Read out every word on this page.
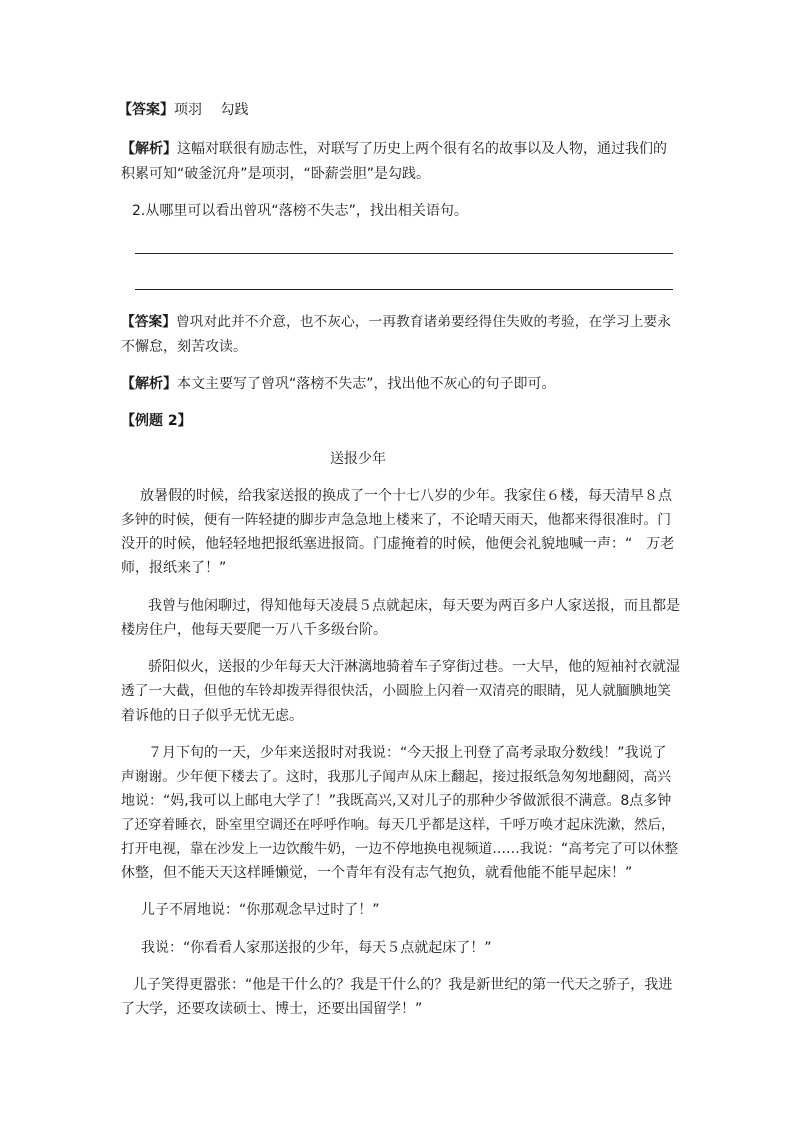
【答案】项羽　 勾践
【解析】这幅对联很有励志性，对联写了历史上两个很有名的故事以及人物，通过我们的
积累可知“破釜沉舟”是项羽，“卧薪尝胆”是勾践。
2.从哪里可以看出曾巩“落榜不失志”，找出相关语句。
【答案】曾巩对此并不介意，也不灰心，一再教育诸弟要经得住失败的考验，在学习上要永
不懈怠，刻苦攻读。
【解析】本文主要写了曾巩“落榜不失志”，找出他不灰心的句子即可。
【例题 2】
送报少年
放暑假的时候，给我家送报的换成了一个十七八岁的少年。我家住６楼，每天清早８点
多钟的时候，便有一阵轻捷的脚步声急急地上楼来了，不论晴天雨天，他都来得很准时。门
没开的时候，他轻轻地把报纸塞进报筒。门虚掩着的时候，他便会礼貌地喊一声：“　万老
师，报纸来了！”
我曾与他闲聊过，得知他每天凌晨５点就起床，每天要为两百多户人家送报，而且都是
楼房住户，他每天要爬一万八千多级台阶。
骄阳似火，送报的少年每天大汗淋漓地骑着车子穿街过巷。一大早，他的短袖衬衣就湿
透了一大截，但他的车铃却拨弄得很快活，小圆脸上闪着一双清亮的眼睛，见人就腼腆地笑
着诉他的日子似乎无忧无虑。
７月下旬的一天，少年来送报时对我说：“今天报上刊登了高考录取分数线！”我说了
声谢谢。少年便下楼去了。这时，我那儿子闻声从床上翻起，接过报纸急匆匆地翻阅，高兴
地说：“妈,我可以上邮电大学了！”我既高兴,又对儿子的那种少爷做派很不满意。8点多钟
了还穿着睡衣，卧室里空调还在呼呼作响。每天几乎都是这样，千呼万唤才起床洗漱，然后，
打开电视，靠在沙发上一边饮酸牛奶，一边不停地换电视频道……我说：“高考完了可以休整
休整，但不能天天这样睡懒觉，一个青年有没有志气抱负，就看他能不能早起床！”
儿子不屑地说：“你那观念早过时了！”
我说：“你看看人家那送报的少年，每天５点就起床了！”
儿子笑得更嚣张：“他是干什么的？我是干什么的？我是新世纪的第一代天之骄子，我进
了大学，还要攻读硕士、博士，还要出国留学！”
